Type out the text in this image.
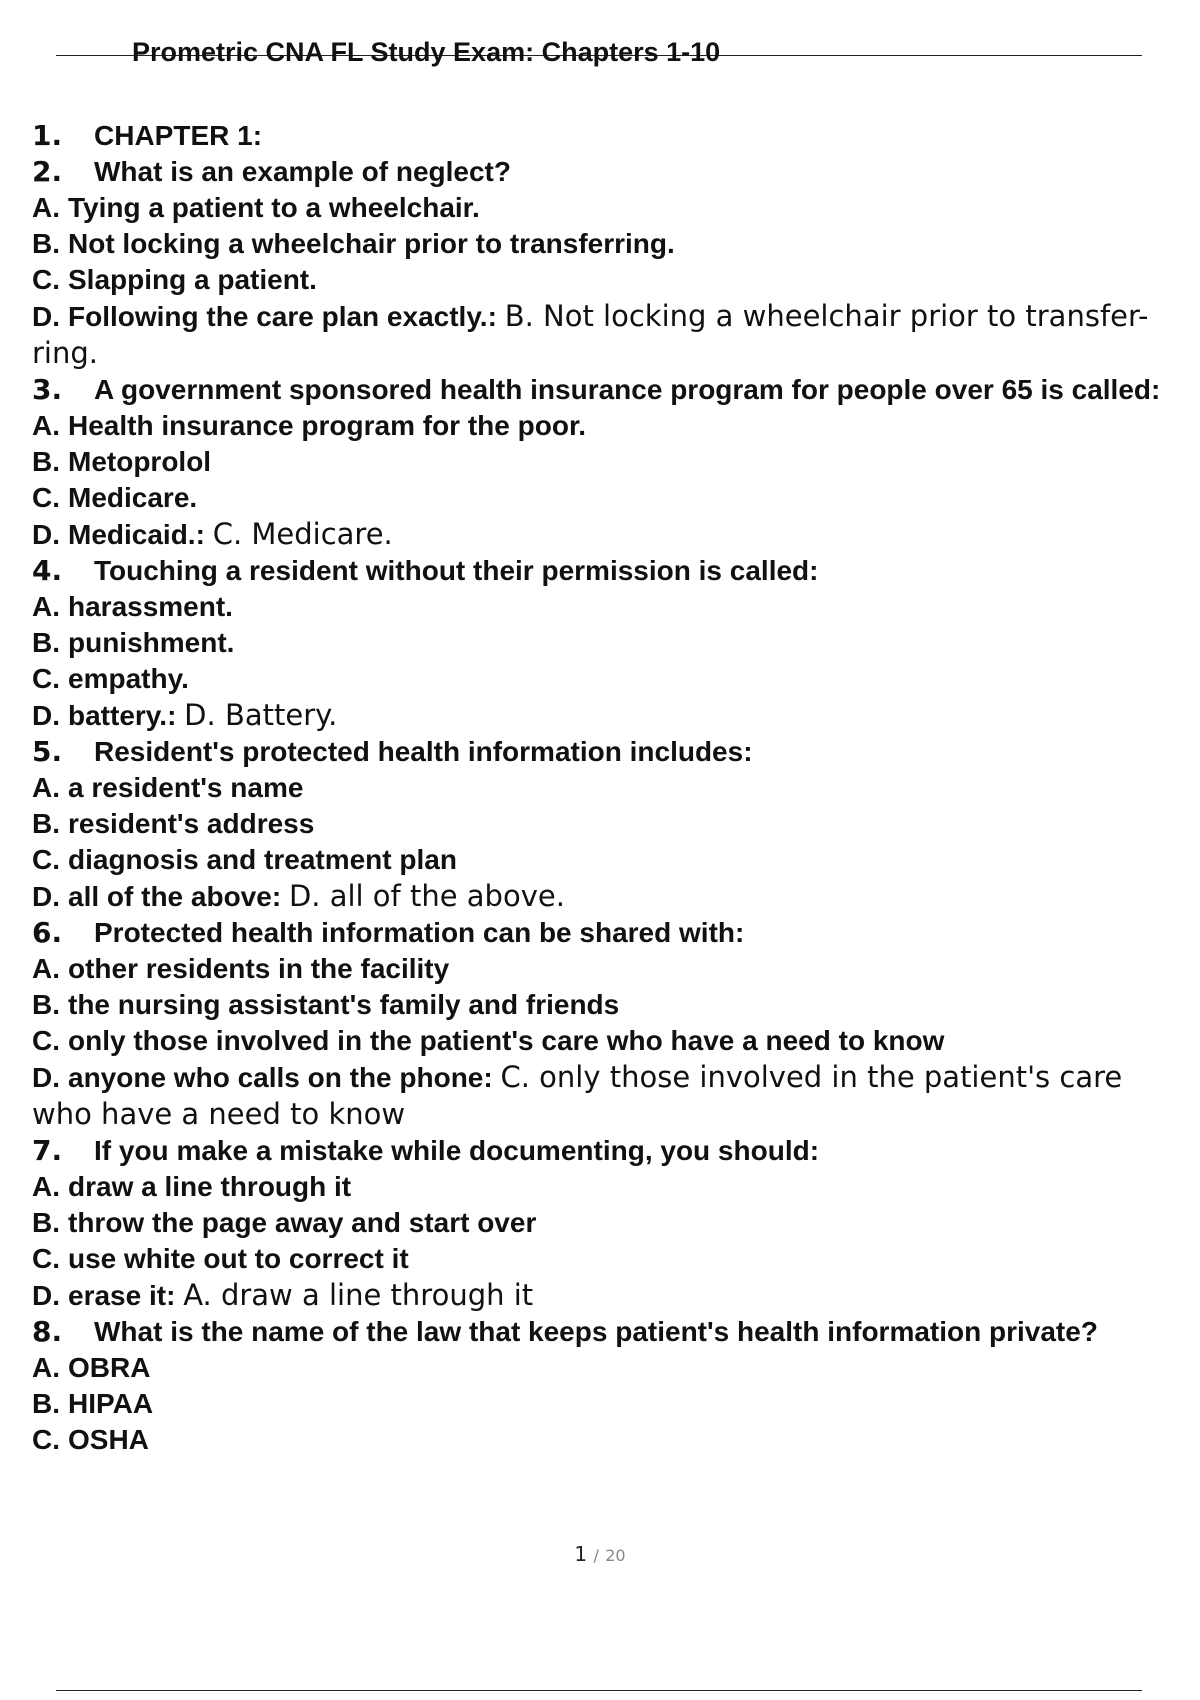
Prometric CNA FL Study Exam: Chapters 1-10

1. CHAPTER 1:

2. What is an example of neglect?

A. Tying a patient to a wheelchair.

B. Not locking a wheelchair prior to transferring.

C. Slapping a patient.

D. Following the care plan exactly.: B. Not locking a wheelchair prior to transfer- ring.

3. A government sponsored health insurance program for people over 65 is called:

A. Health insurance program for the poor.

B. Metoprolol

C. Medicare.

D. Medicaid.: C. Medicare.

4. Touching a resident without their permission is called:

A. harassment.

B. punishment.

C. empathy.

D. battery.: D. Battery.

5. Resident's protected health information includes:

A. a resident's name

B. resident's address

C. diagnosis and treatment plan

D. all of the above: D. all of the above.

6. Protected health information can be shared with:

A. other residents in the facility

B. the nursing assistant's family and friends

C. only those involved in the patient's care who have a need to know

D. anyone who calls on the phone: C. only those involved in the patient's care who have a need to know

7. If you make a mistake while documenting, you should:

A. draw a line through it

B. throw the page away and start over

C. use white out to correct it

D. erase it: A. draw a line through it

8. What is the name of the law that keeps patient's health information private?

A. OBRA

B. HIPAA

C. OSHA

1 / 20
